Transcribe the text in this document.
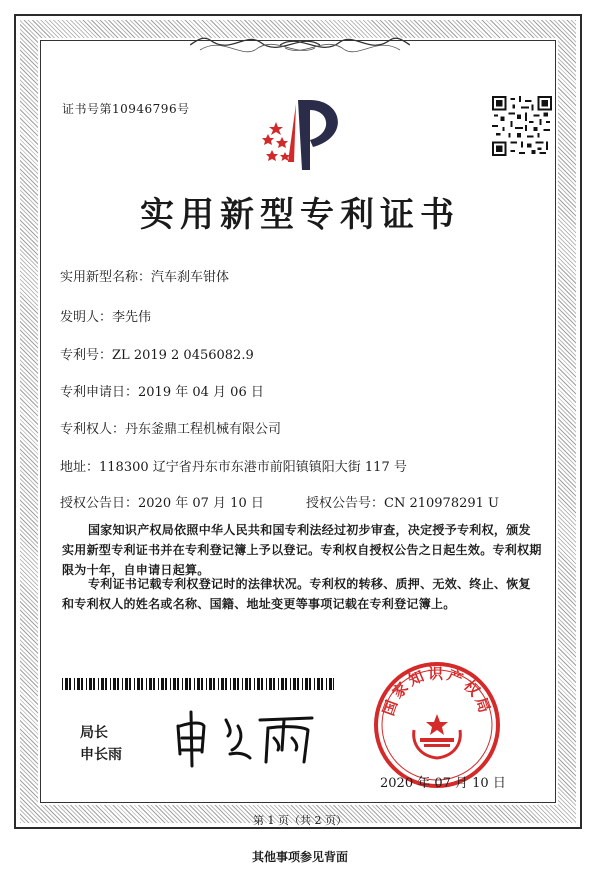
证书号第10946796号
实用新型专利证书
实用新型名称：汽车刹车钳体
发明人：李先伟
专利号：ZL 2019 2 0456082.9
专利申请日：2019 年 04 月 06 日
专利权人：丹东釜鼎工程机械有限公司
地址：118300 辽宁省丹东市东港市前阳镇镇阳大街 117 号
授权公告日：2020 年 07 月 10 日	授权公告号：CN 210978291 U
国家知识产权局依照中华人民共和国专利法经过初步审查，决定授予专利权，颁发实用新型专利证书并在专利登记簿上予以登记。专利权自授权公告之日起生效。专利权期限为十年，自申请日起算。
专利证书记载专利权登记时的法律状况。专利权的转移、质押、无效、终止、恢复和专利权人的姓名或名称、国籍、地址变更等事项记载在专利登记簿上。
局长
申长雨
国家知识产权局
2020 年 07 月 10 日
第 1 页（共 2 页）
其他事项参见背面
